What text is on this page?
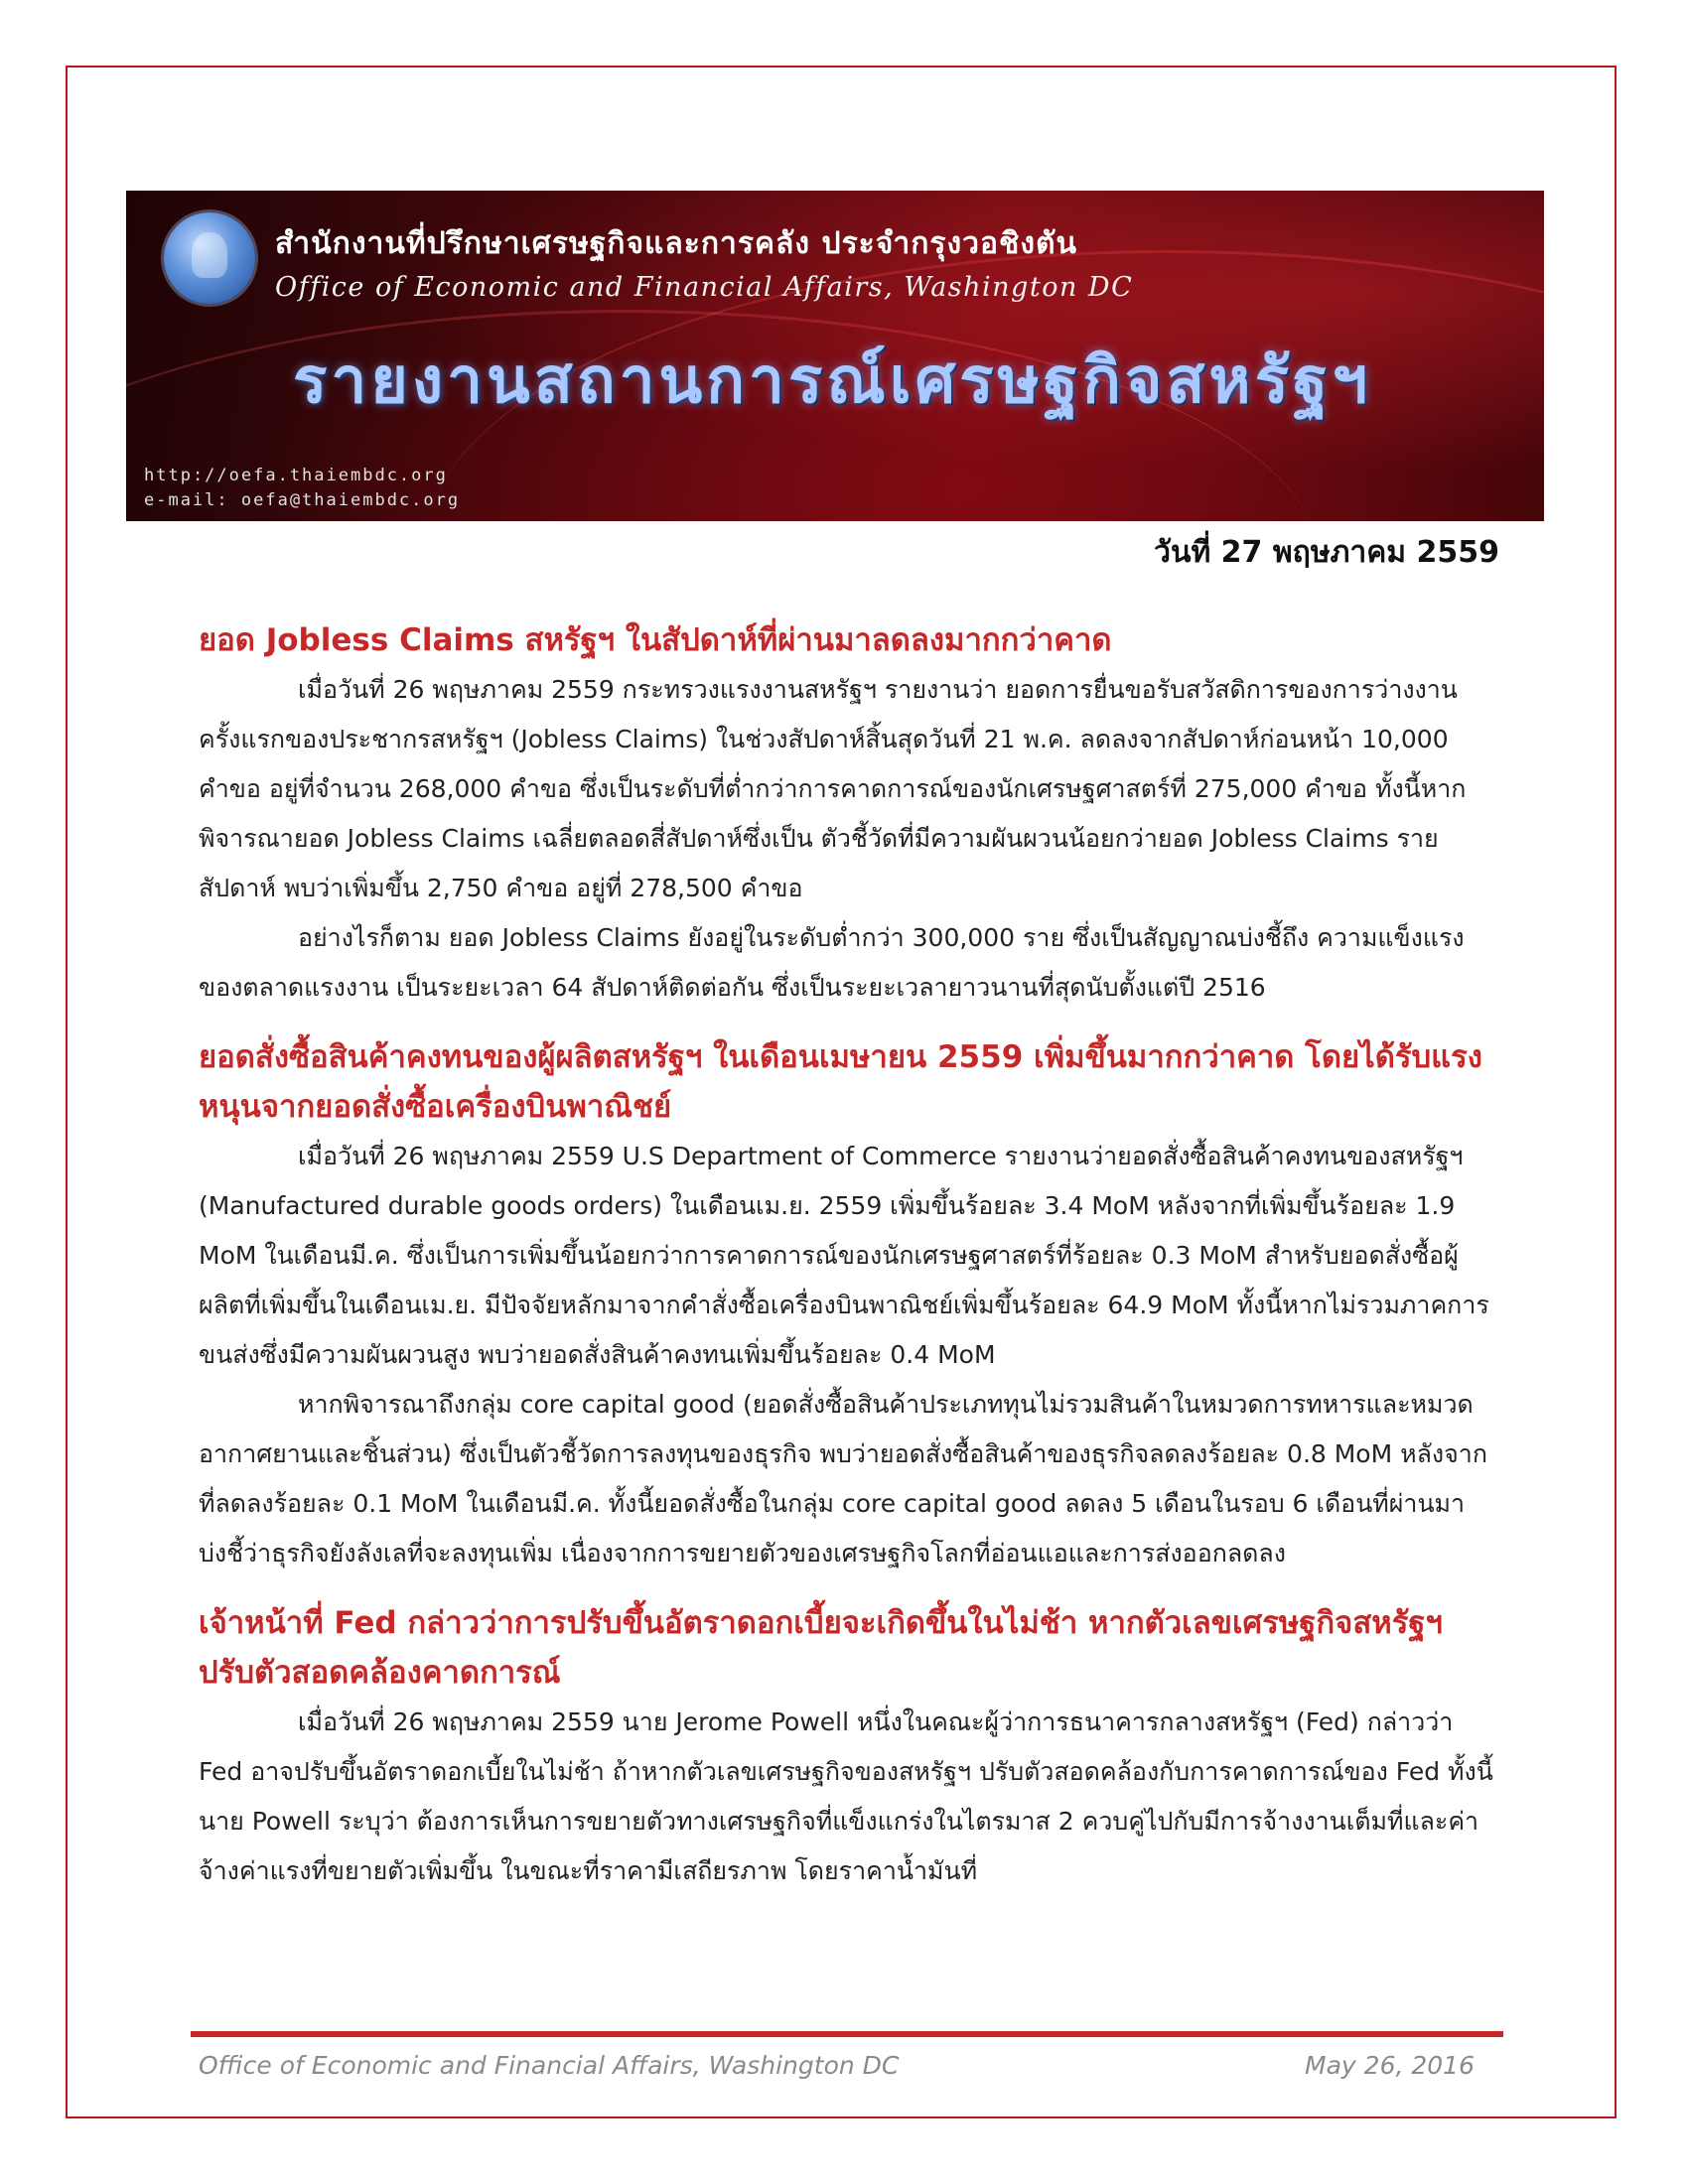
สำนักงานที่ปรึกษาเศรษฐกิจและการคลัง ประจำกรุงวอชิงตัน
Office of Economic and Financial Affairs, Washington DC
รายงานสถานการณ์เศรษฐกิจสหรัฐฯ
http://oefa.thaiembdc.org
e-mail: oefa@thaiembdc.org
วันที่ 27 พฤษภาคม 2559
ยอด Jobless Claims สหรัฐฯ ในสัปดาห์ที่ผ่านมาลดลงมากกว่าคาด

เมื่อวันที่ 26 พฤษภาคม 2559 กระทรวงแรงงานสหรัฐฯ รายงานว่า ยอดการยื่นขอรับสวัสดิการของการว่างงานครั้งแรกของประชากรสหรัฐฯ (Jobless Claims) ในช่วงสัปดาห์สิ้นสุดวันที่ 21 พ.ค. ลดลงจากสัปดาห์ก่อนหน้า 10,000 คำขอ อยู่ที่จำนวน 268,000 คำขอ ซึ่งเป็นระดับที่ต่ำกว่าการคาดการณ์ของนักเศรษฐศาสตร์ที่ 275,000 คำขอ ทั้งนี้หากพิจารณายอด Jobless Claims เฉลี่ยตลอดสี่สัปดาห์ซึ่งเป็น ตัวชี้วัดที่มีความผันผวนน้อยกว่ายอด Jobless Claims รายสัปดาห์ พบว่าเพิ่มขึ้น 2,750 คำขอ อยู่ที่ 278,500 คำขอ

อย่างไรก็ตาม ยอด Jobless Claims ยังอยู่ในระดับต่ำกว่า 300,000 ราย ซึ่งเป็นสัญญาณบ่งชี้ถึง ความแข็งแรงของตลาดแรงงาน เป็นระยะเวลา 64 สัปดาห์ติดต่อกัน ซึ่งเป็นระยะเวลายาวนานที่สุดนับตั้งแต่ปี 2516

ยอดสั่งซื้อสินค้าคงทนของผู้ผลิตสหรัฐฯ ในเดือนเมษายน 2559 เพิ่มขึ้นมากกว่าคาด โดยได้รับแรงหนุนจากยอดสั่งซื้อเครื่องบินพาณิชย์

เมื่อวันที่ 26 พฤษภาคม 2559 U.S Department of Commerce รายงานว่ายอดสั่งซื้อสินค้าคงทนของสหรัฐฯ (Manufactured durable goods orders) ในเดือนเม.ย. 2559 เพิ่มขึ้นร้อยละ 3.4 MoM หลังจากที่เพิ่มขึ้นร้อยละ 1.9 MoM ในเดือนมี.ค. ซึ่งเป็นการเพิ่มขึ้นน้อยกว่าการคาดการณ์ของนักเศรษฐศาสตร์ที่ร้อยละ 0.3 MoM สำหรับยอดสั่งซื้อผู้ผลิตที่เพิ่มขึ้นในเดือนเม.ย. มีปัจจัยหลักมาจากคำสั่งซื้อเครื่องบินพาณิชย์เพิ่มขึ้นร้อยละ 64.9 MoM ทั้งนี้หากไม่รวมภาคการขนส่งซึ่งมีความผันผวนสูง พบว่ายอดสั่งสินค้าคงทนเพิ่มขึ้นร้อยละ 0.4 MoM

หากพิจารณาถึงกลุ่ม core capital good (ยอดสั่งซื้อสินค้าประเภททุนไม่รวมสินค้าในหมวดการทหารและหมวดอากาศยานและชิ้นส่วน) ซึ่งเป็นตัวชี้วัดการลงทุนของธุรกิจ พบว่ายอดสั่งซื้อสินค้าของธุรกิจลดลงร้อยละ 0.8 MoM หลังจากที่ลดลงร้อยละ 0.1 MoM ในเดือนมี.ค. ทั้งนี้ยอดสั่งซื้อในกลุ่ม core capital good ลดลง 5 เดือนในรอบ 6 เดือนที่ผ่านมา บ่งชี้ว่าธุรกิจยังลังเลที่จะลงทุนเพิ่ม เนื่องจากการขยายตัวของเศรษฐกิจโลกที่อ่อนแอและการส่งออกลดลง

เจ้าหน้าที่ Fed กล่าวว่าการปรับขึ้นอัตราดอกเบี้ยจะเกิดขึ้นในไม่ช้า หากตัวเลขเศรษฐกิจสหรัฐฯ ปรับตัวสอดคล้องคาดการณ์

เมื่อวันที่ 26 พฤษภาคม 2559 นาย Jerome Powell หนึ่งในคณะผู้ว่าการธนาคารกลางสหรัฐฯ (Fed) กล่าวว่า Fed อาจปรับขึ้นอัตราดอกเบี้ยในไม่ช้า ถ้าหากตัวเลขเศรษฐกิจของสหรัฐฯ ปรับตัวสอดคล้องกับการคาดการณ์ของ Fed ทั้งนี้ นาย Powell ระบุว่า ต้องการเห็นการขยายตัวทางเศรษฐกิจที่แข็งแกร่งในไตรมาส 2 ควบคู่ไปกับมีการจ้างงานเต็มที่และค่าจ้างค่าแรงที่ขยายตัวเพิ่มขึ้น ในขณะที่ราคามีเสถียรภาพ โดยราคาน้ำมันที่

Office of Economic and Financial Affairs, Washington DC	May 26, 2016
